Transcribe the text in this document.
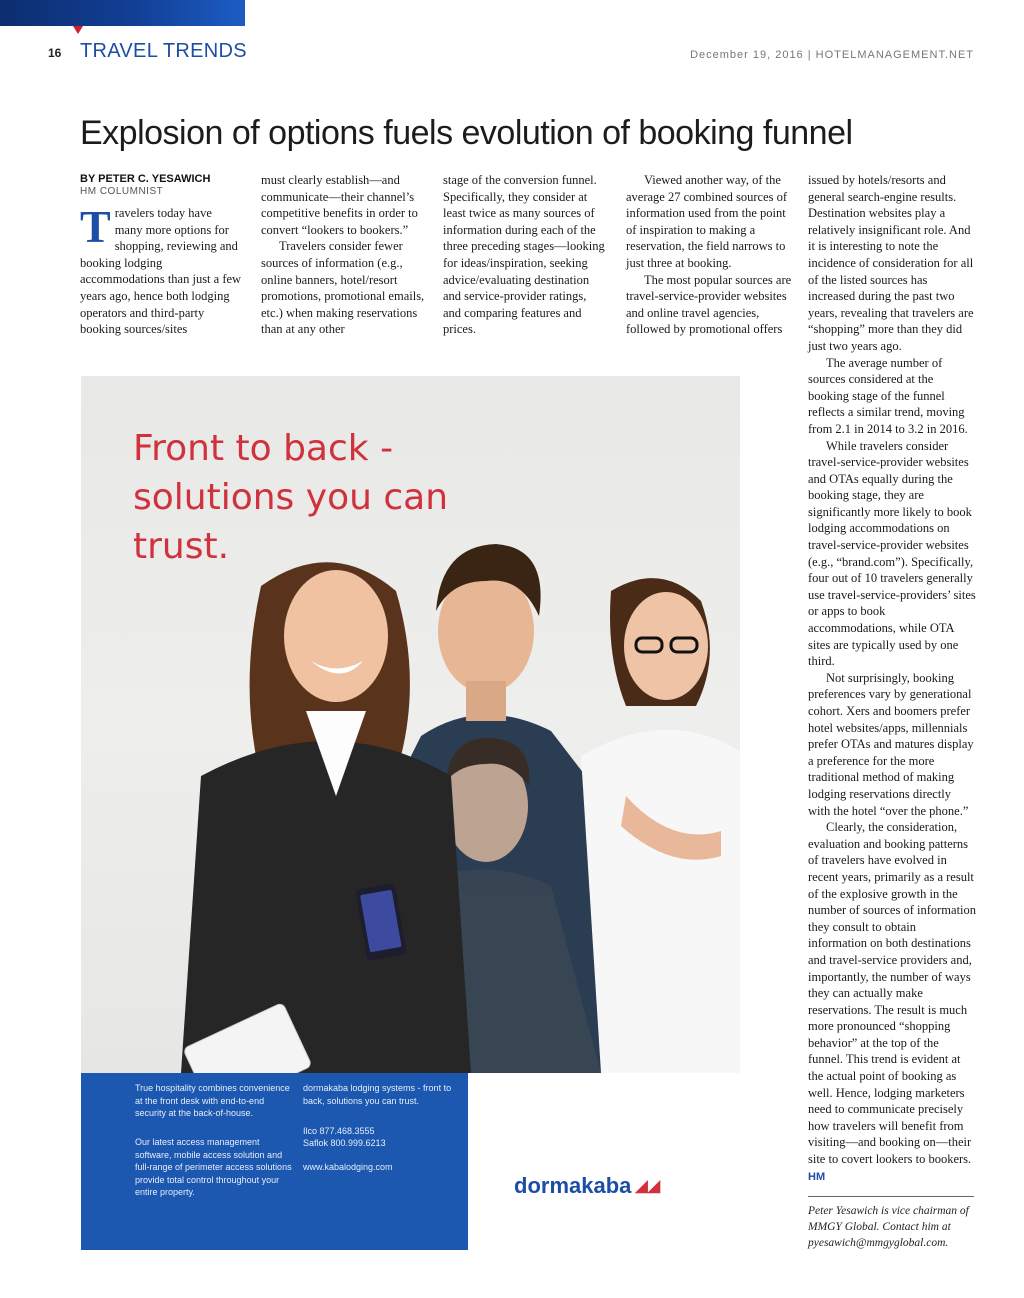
16 TRAVEL TRENDS	December 19, 2016 | HOTELMANAGEMENT.NET
Explosion of options fuels evolution of booking funnel
BY PETER C. YESAWICH
HM COLUMNIST

Travelers today have many more options for shopping, reviewing and booking lodging accommodations than just a few years ago, hence both lodging operators and third-party booking sources/sites

must clearly establish—and communicate—their channel’s competitive benefits in order to convert “lookers to bookers.”

Travelers consider fewer sources of information (e.g., online banners, hotel/resort promotions, promotional emails, etc.) when making reservations than at any other

stage of the conversion funnel. Specifically, they consider at least twice as many sources of information during each of the three preceding stages—looking for ideas/inspiration, seeking advice/evaluating destination and service-provider ratings, and comparing features and prices.

Viewed another way, of the average 27 combined sources of information used from the point of inspiration to making a reservation, the field narrows to just three at booking.

The most popular sources are travel-service-provider websites and online travel agencies, followed by promotional offers

issued by hotels/resorts and general search-engine results. Destination websites play a relatively insignificant role. And it is interesting to note the incidence of consideration for all of the listed sources has increased during the past two years, revealing that travelers are “shopping” more than they did just two years ago.

The average number of sources considered at the booking stage of the funnel reflects a similar trend, moving from 2.1 in 2014 to 3.2 in 2016.

While travelers consider travel-service-provider websites and OTAs equally during the booking stage, they are significantly more likely to book lodging accommodations on travel-service-provider websites (e.g., “brand.com”). Specifically, four out of 10 travelers generally use travel-service-providers’ sites or apps to book accommodations, while OTA sites are typically used by one third.

Not surprisingly, booking preferences vary by generational cohort. Xers and boomers prefer hotel websites/apps, millennials prefer OTAs and matures display a preference for the more traditional method of making lodging reservations directly with the hotel “over the phone.”

Clearly, the consideration, evaluation and booking patterns of travelers have evolved in recent years, primarily as a result of the explosive growth in the number of sources of information they consult to obtain information on both destinations and travel-service providers and, importantly, the number of ways they can actually make reservations. The result is much more pronounced “shopping behavior” at the top of the funnel. This trend is evident at the actual point of booking as well. Hence, lodging marketers need to communicate precisely how travelers will benefit from visiting—and booking on—their site to covert lookers to bookers. HM

Peter Yesawich is vice chairman of MMGY Global. Contact him at pyesawich@mmgyglobal.com.

Front to back - solutions you can trust.

True hospitality combines convenience at the front desk with end-to-end security at the back-of-house.

Our latest access management software, mobile access solution and full-range of perimeter access solutions provide total control throughout your entire property.

dormakaba lodging systems - front to back, solutions you can trust.

Ilco 877.468.3555

Saflok 800.999.6213

www.kabalodging.com

dormakaba ◢◢
